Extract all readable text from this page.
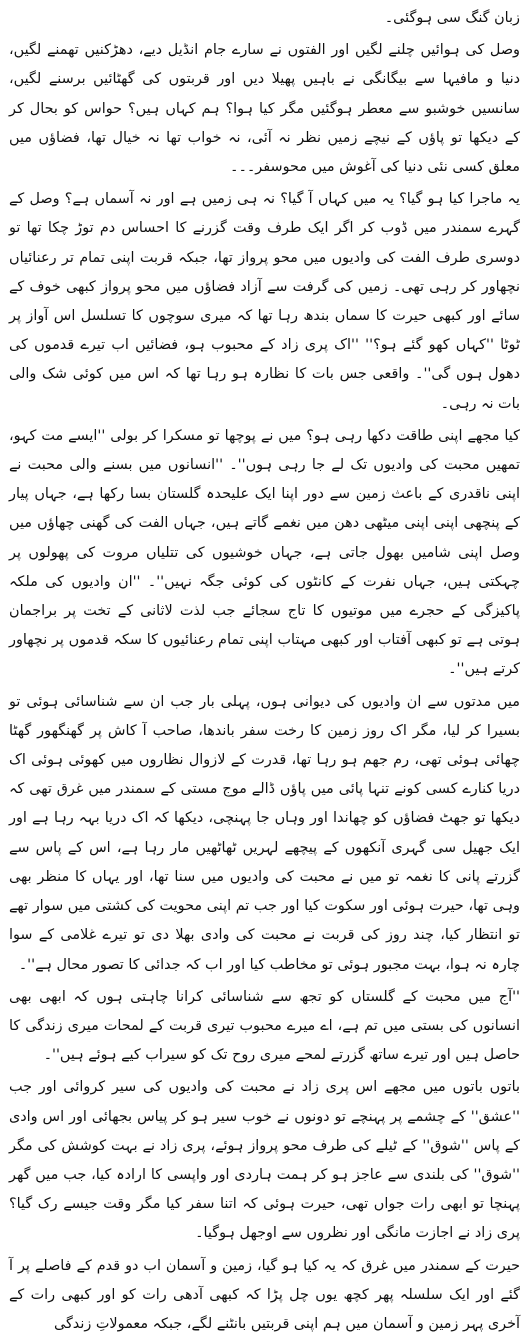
زبان گنگ سی ہوگئی۔

وصل کی ہوائیں چلنے لگیں اور الفتوں نے سارے جام انڈیل دیے، دھڑکنیں تھمنے لگیں، دنیا و مافیہا سے بیگانگی نے باہیں پھیلا دیں اور قربتوں کی گھٹائیں برسنے لگیں، سانسیں خوشبو سے معطر ہوگئیں مگر کیا ہوا؟ ہم کہاں ہیں؟ حواس کو بحال کر کے دیکھا تو پاؤں کے نیچے زمیں نظر نہ آئی، نہ خواب تھا نہ خیال تھا، فضاؤں میں معلق کسی نئی دنیا کی آغوش میں محوسفر۔۔۔

یہ ماجرا کیا ہو گیا؟ یہ میں کہاں آ گیا؟ نہ ہی زمیں ہے اور نہ آسماں ہے؟ وصل کے گہرے سمندر میں ڈوب کر اگر ایک طرف وقت گزرنے کا احساس دم توڑ چکا تھا تو دوسری طرف الفت کی وادیوں میں محو پرواز تھا، جبکہ قربت اپنی تمام تر رعنائیاں نچھاور کر رہی تھی۔ زمیں کی گرفت سے آزاد فضاؤں میں محو پرواز کبھی خوف کے سائے اور کبھی حیرت کا سماں بندھ رہا تھا کہ میری سوچوں کا تسلسل اس آواز پر ٹوٹا ''کہاں کھو گئے ہو؟'' ''اک پری زاد کے محبوب ہو، فضائیں اب تیرے قدموں کی دھول ہوں گی''۔ واقعی جس بات کا نظارہ ہو رہا تھا کہ اس میں کوئی شک والی بات نہ رہی۔

کیا مجھے اپنی طاقت دکھا رہی ہو؟ میں نے پوچھا تو مسکرا کر بولی ''ایسے مت کہو، تمھیں محبت کی وادیوں تک لے جا رہی ہوں''۔ ''انسانوں میں بسنے والی محبت نے اپنی ناقدری کے باعث زمین سے دور اپنا ایک علیحدہ گلستان بسا رکھا ہے، جہاں پیار کے پنچھی اپنی اپنی میٹھی دھن میں نغمے گاتے ہیں، جہاں الفت کی گھنی چھاؤں میں وصل اپنی شامیں بھول جاتی ہے، جہاں خوشیوں کی تتلیاں مروت کی پھولوں پر چہکتی ہیں، جہاں نفرت کے کانٹوں کی کوئی جگہ نہیں''۔ ''ان وادیوں کی ملکہ پاکیزگی کے حجرے میں موتیوں کا تاج سجائے جب لذت لاثانی کے تخت پر براجمان ہوتی ہے تو کبھی آفتاب اور کبھی مہتاب اپنی تمام رعنائیوں کا سکہ قدموں پر نچھاور کرتے ہیں''۔

میں مدتوں سے ان وادیوں کی دیوانی ہوں، پہلی بار جب ان سے شناسائی ہوئی تو بسیرا کر لیا، مگر اک روز زمین کا رخت سفر باندھا، صاحب آ کاش پر گھنگھور گھٹا چھائی ہوئی تھی، رم جھم ہو رہا تھا، قدرت کے لازوال نظاروں میں کھوئی ہوئی اک دریا کنارے کسی کونے تنہا پائی میں پاؤں ڈالے موج مستی کے سمندر میں غرق تھی کہ دیکھا تو جھٹ فضاؤں کو چھاندا اور وہاں جا پہنچی، دیکھا کہ اک دریا بہہ رہا ہے اور ایک جھیل سی گہری آنکھوں کے پیچھے لہریں ٹھاٹھیں مار رہا ہے، اس کے پاس سے گزرتے پانی کا نغمہ تو میں نے محبت کی وادیوں میں سنا تھا، اور یہاں کا منظر بھی وہی تھا، حیرت ہوئی اور سکوت کیا اور جب تم اپنی محویت کی کشتی میں سوار تھے تو انتظار کیا، چند روز کی قربت نے محبت کی وادی بھلا دی تو تیرے غلامی کے سوا چارہ نہ ہوا، بہت مجبور ہوئی تو مخاطب کیا اور اب کہ جدائی کا تصور محال ہے''۔

''آج میں محبت کے گلستاں کو تجھ سے شناسائی کرانا چاہتی ہوں کہ ابھی بھی انسانوں کی بستی میں تم ہے، اے میرے محبوب تیری قربت کے لمحات میری زندگی کا حاصل ہیں اور تیرے ساتھ گزرتے لمحے میری روح تک کو سیراب کیے ہوئے ہیں''۔

باتوں باتوں میں مجھے اس پری زاد نے محبت کی وادیوں کی سیر کروائی اور جب ''عشق'' کے چشمے پر پہنچے تو دونوں نے خوب سیر ہو کر پیاس بجھائی اور اس وادی کے پاس ''شوق'' کے ٹیلے کی طرف محو پرواز ہوئے، پری زاد نے بہت کوشش کی مگر ''شوق'' کی بلندی سے عاجز ہو کر ہمت ہاردی اور واپسی کا ارادہ کیا، جب میں گھر پہنچا تو ابھی رات جواں تھی، حیرت ہوئی کہ اتنا سفر کیا مگر وقت جیسے رک گیا؟ پری زاد نے اجازت مانگی اور نظروں سے اوجھل ہوگیا۔

حیرت کے سمندر میں غرق کہ یہ کیا ہو گیا، زمین و آسمان اب دو قدم کے فاصلے پر آ گئے اور ایک سلسلہ پھر کچھ یوں چل پڑا کہ کبھی آدھی رات کو اور کبھی رات کے آخری پہر زمین و آسمان میں ہم اپنی قربتیں بانٹنے لگے، جبکہ معمولاتِ زندگی
